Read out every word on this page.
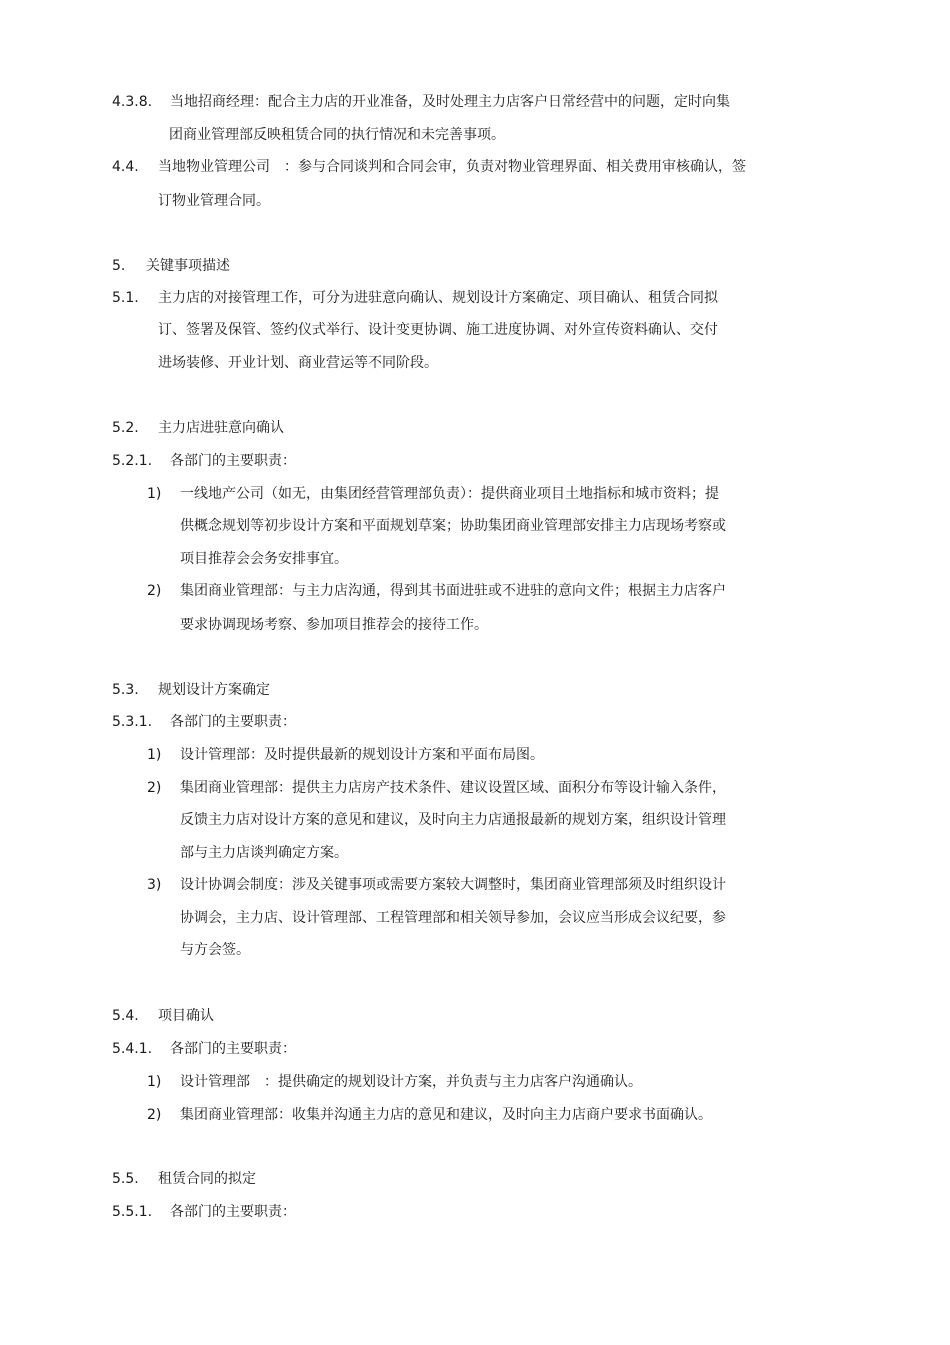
4.3.8. 当地招商经理：配合主力店的开业准备，及时处理主力店客户日常经营中的问题，定时向集
团商业管理部反映租赁合同的执行情况和未完善事项。
4.4. 当地物业管理公司　：参与合同谈判和合同会审，负责对物业管理界面、相关费用审核确认，签
订物业管理合同。
5. 关键事项描述
5.1. 主力店的对接管理工作，可分为进驻意向确认、规划设计方案确定、项目确认、租赁合同拟
订、签署及保管、签约仪式举行、设计变更协调、施工进度协调、对外宣传资料确认、交付
进场装修、开业计划、商业营运等不同阶段。
5.2. 主力店进驻意向确认
5.2.1. 各部门的主要职责：
1) 一线地产公司（如无，由集团经营管理部负责）：提供商业项目土地指标和城市资料；提
供概念规划等初步设计方案和平面规划草案；协助集团商业管理部安排主力店现场考察或
项目推荐会会务安排事宜。
2) 集团商业管理部：与主力店沟通，得到其书面进驻或不进驻的意向文件；根据主力店客户
要求协调现场考察、参加项目推荐会的接待工作。
5.3. 规划设计方案确定
5.3.1. 各部门的主要职责：
1) 设计管理部：及时提供最新的规划设计方案和平面布局图。
2) 集团商业管理部：提供主力店房产技术条件、建议设置区域、面积分布等设计输入条件，
反馈主力店对设计方案的意见和建议，及时向主力店通报最新的规划方案，组织设计管理
部与主力店谈判确定方案。
3) 设计协调会制度：涉及关键事项或需要方案较大调整时，集团商业管理部须及时组织设计
协调会，主力店、设计管理部、工程管理部和相关领导参加，会议应当形成会议纪要，参
与方会签。
5.4. 项目确认
5.4.1. 各部门的主要职责：
1) 设计管理部　：提供确定的规划设计方案，并负责与主力店客户沟通确认。
2) 集团商业管理部：收集并沟通主力店的意见和建议，及时向主力店商户要求书面确认。
5.5. 租赁合同的拟定
5.5.1. 各部门的主要职责：
